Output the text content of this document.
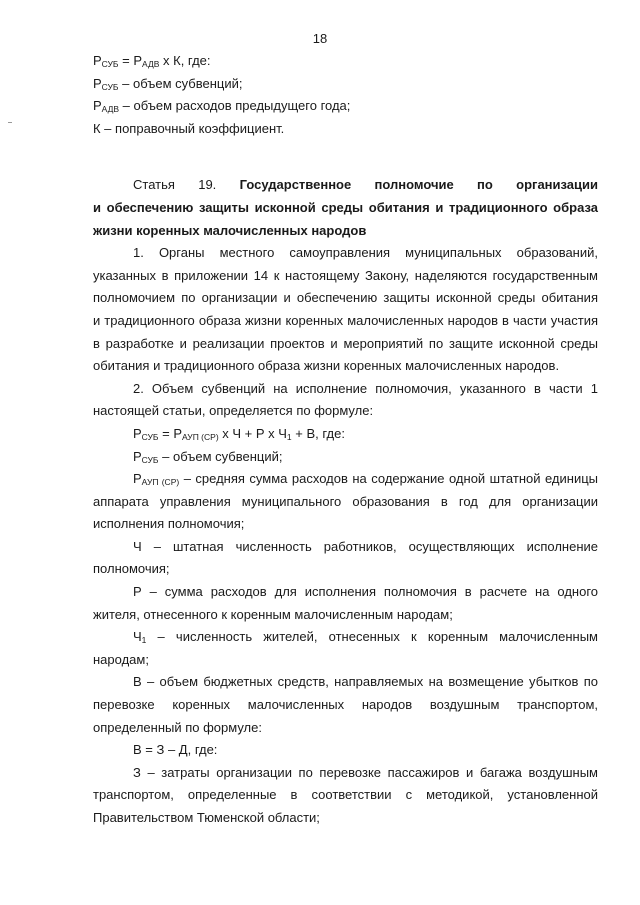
18

$Р_{СУБ} = Р_{АДВ}$ х К, где:

$Р_{СУБ}$ – объем субвенций;

$Р_{АДВ}$ – объем расходов предыдущего года;

К – поправочный коэффициент.

Статья 19. Государственное полномочие по организации

и обеспечению защиты исконной среды обитания и традиционного образа

жизни коренных малочисленных народов

1. Органы местного самоуправления муниципальных образований,

указанных в приложении 14 к настоящему Закону, наделяются государственным

полномочием по организации и обеспечению защиты исконной среды обитания

и традиционного образа жизни коренных малочисленных народов в части участия

в разработке и реализации проектов и мероприятий по защите исконной среды

обитания и традиционного образа жизни коренных малочисленных народов.

2. Объем субвенций на исполнение полномочия, указанного в части 1

настоящей статьи, определяется по формуле:

$Р_{СУБ} = Р_{АУП (СР)}$ х Ч + Р х $Ч_1 + В$, где:

$Р_{СУБ}$ – объем субвенций;

$Р_{АУП (СР)}$ – средняя сумма расходов на содержание одной штатной единицы

аппарата управления муниципального образования в год для организации

исполнения полномочия;

Ч – штатная численность работников, осуществляющих исполнение

полномочия;

Р – сумма расходов для исполнения полномочия в расчете на одного

жителя, отнесенного к коренным малочисленным народам;

$Ч_1$ – численность жителей, отнесенных к коренным малочисленным

народам;

В – объем бюджетных средств, направляемых на возмещение убытков по

перевозке коренных малочисленных народов воздушным транспортом,

определенный по формуле:

В = З – Д, где:

З – затраты организации по перевозке пассажиров и багажа воздушным

транспортом, определенные в соответствии с методикой, установленной

Правительством Тюменской области;
